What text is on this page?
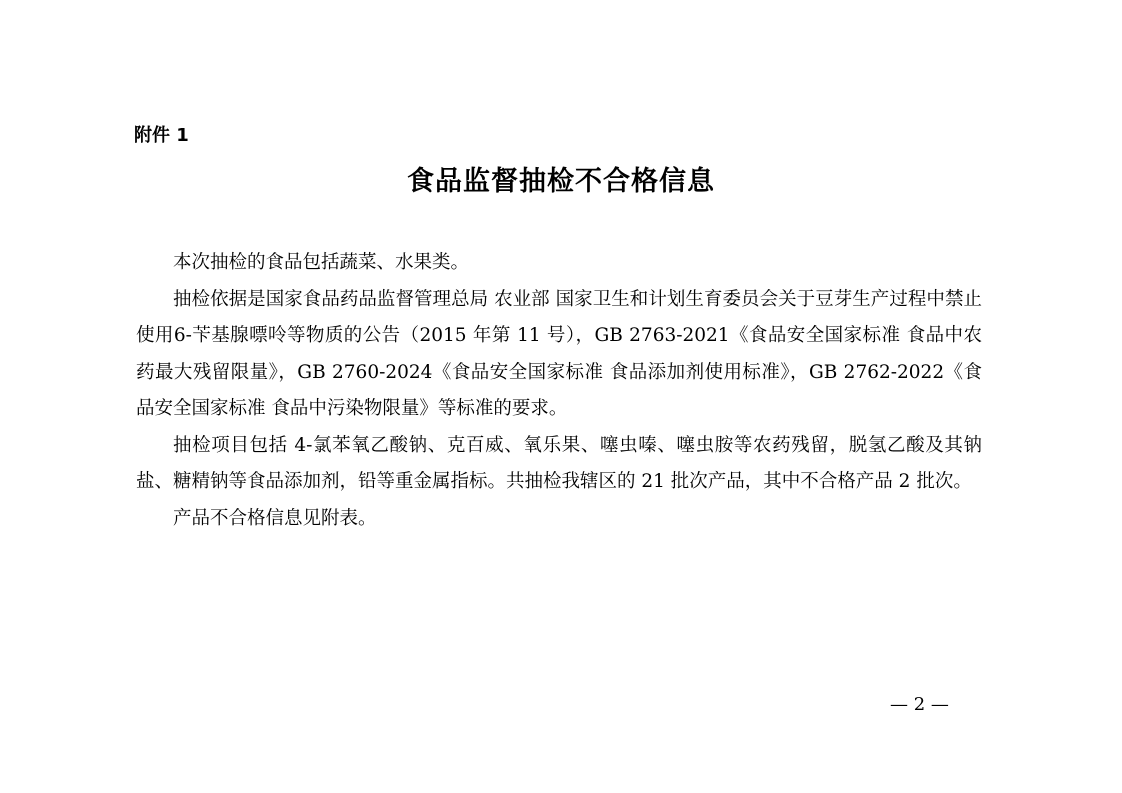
附件 1
食品监督抽检不合格信息

本次抽检的食品包括蔬菜、水果类。

抽检依据是国家食品药品监督管理总局 农业部 国家卫生和计划生育委员会关于豆芽生产过程中禁止使用6-苄基腺嘌呤等物质的公告（2015 年第 11 号），GB 2763-2021《食品安全国家标准 食品中农药最大残留限量》，GB 2760-2024《食品安全国家标准 食品添加剂使用标准》，GB 2762-2022《食品安全国家标准 食品中污染物限量》等标准的要求。

抽检项目包括 4-氯苯氧乙酸钠、克百威、氧乐果、噻虫嗪、噻虫胺等农药残留，脱氢乙酸及其钠盐、糖精钠等食品添加剂，铅等重金属指标。共抽检我辖区的 21 批次产品，其中不合格产品 2 批次。

产品不合格信息见附表。

— 2 —
